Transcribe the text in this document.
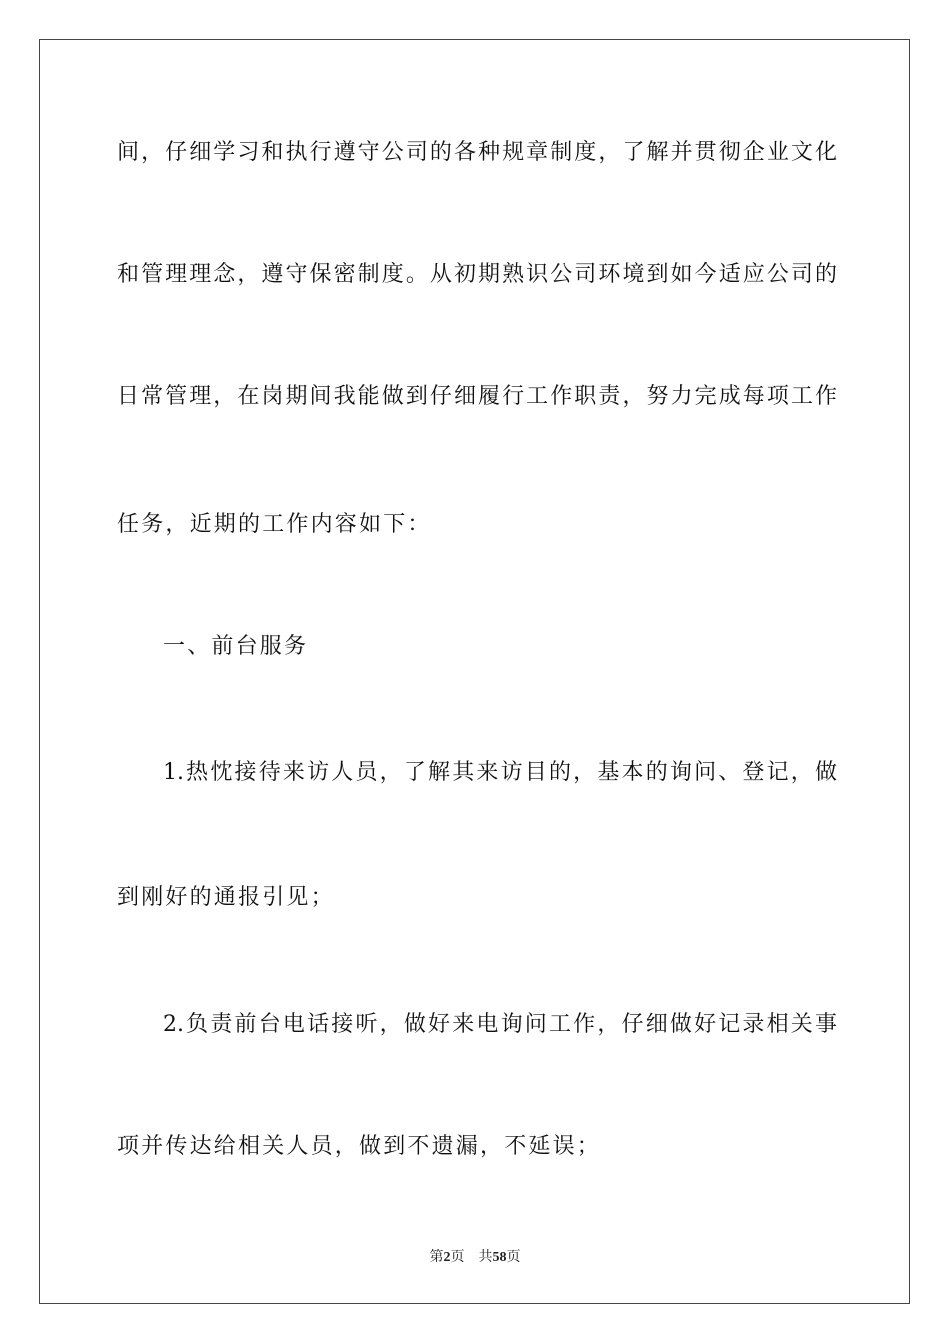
间，仔细学习和执行遵守公司的各种规章制度，了解并贯彻企业文化
和管理理念，遵守保密制度。从初期熟识公司环境到如今适应公司的
日常管理，在岗期间我能做到仔细履行工作职责，努力完成每项工作
任务，近期的工作内容如下：
一、前台服务
1.热忱接待来访人员，了解其来访目的，基本的询问、登记，做
到刚好的通报引见；
2.负责前台电话接听，做好来电询问工作，仔细做好记录相关事
项并传达给相关人员，做到不遗漏，不延误；
第2页 共58页
